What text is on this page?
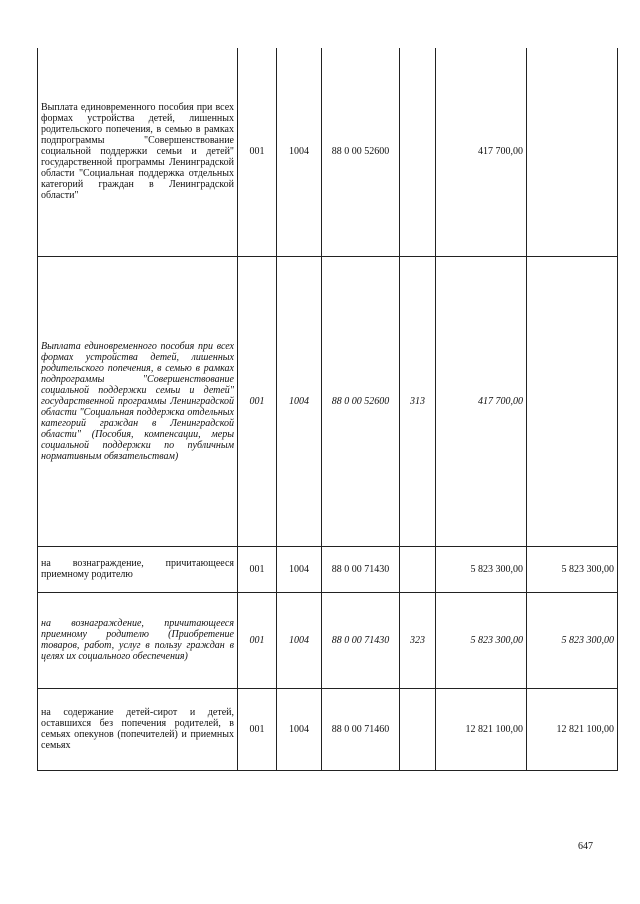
Выплата единовременного пособия при всех формах устройства детей, лишенных родительского попечения, в семью в рамках подпрограммы "Совершенствование социальной поддержки семьи и детей" государственной программы Ленинградской области "Социальная поддержка отдельных категорий граждан в Ленинградской области"	001	1004	88 0 00 52600		417 700,00	
Выплата единовременного пособия при всех формах устройства детей, лишенных родительского попечения, в семью в рамках подпрограммы "Совершенствование социальной поддержки семьи и детей" государственной программы Ленинградской области "Социальная поддержка отдельных категорий граждан в Ленинградской области" (Пособия, компенсации, меры социальной поддержки по публичным нормативным обязательствам)	001	1004	88 0 00 52600	313	417 700,00	
на вознаграждение, причитающееся приемному родителю	001	1004	88 0 00 71430		5 823 300,00	5 823 300,00
на вознаграждение, причитающееся приемному родителю (Приобретение товаров, работ, услуг в пользу граждан в целях их социального обеспечения)	001	1004	88 0 00 71430	323	5 823 300,00	5 823 300,00
на содержание детей-сирот и детей, оставшихся без попечения родителей, в семьях опекунов (попечителей) и приемных семьях	001	1004	88 0 00 71460		12 821 100,00	12 821 100,00
647
